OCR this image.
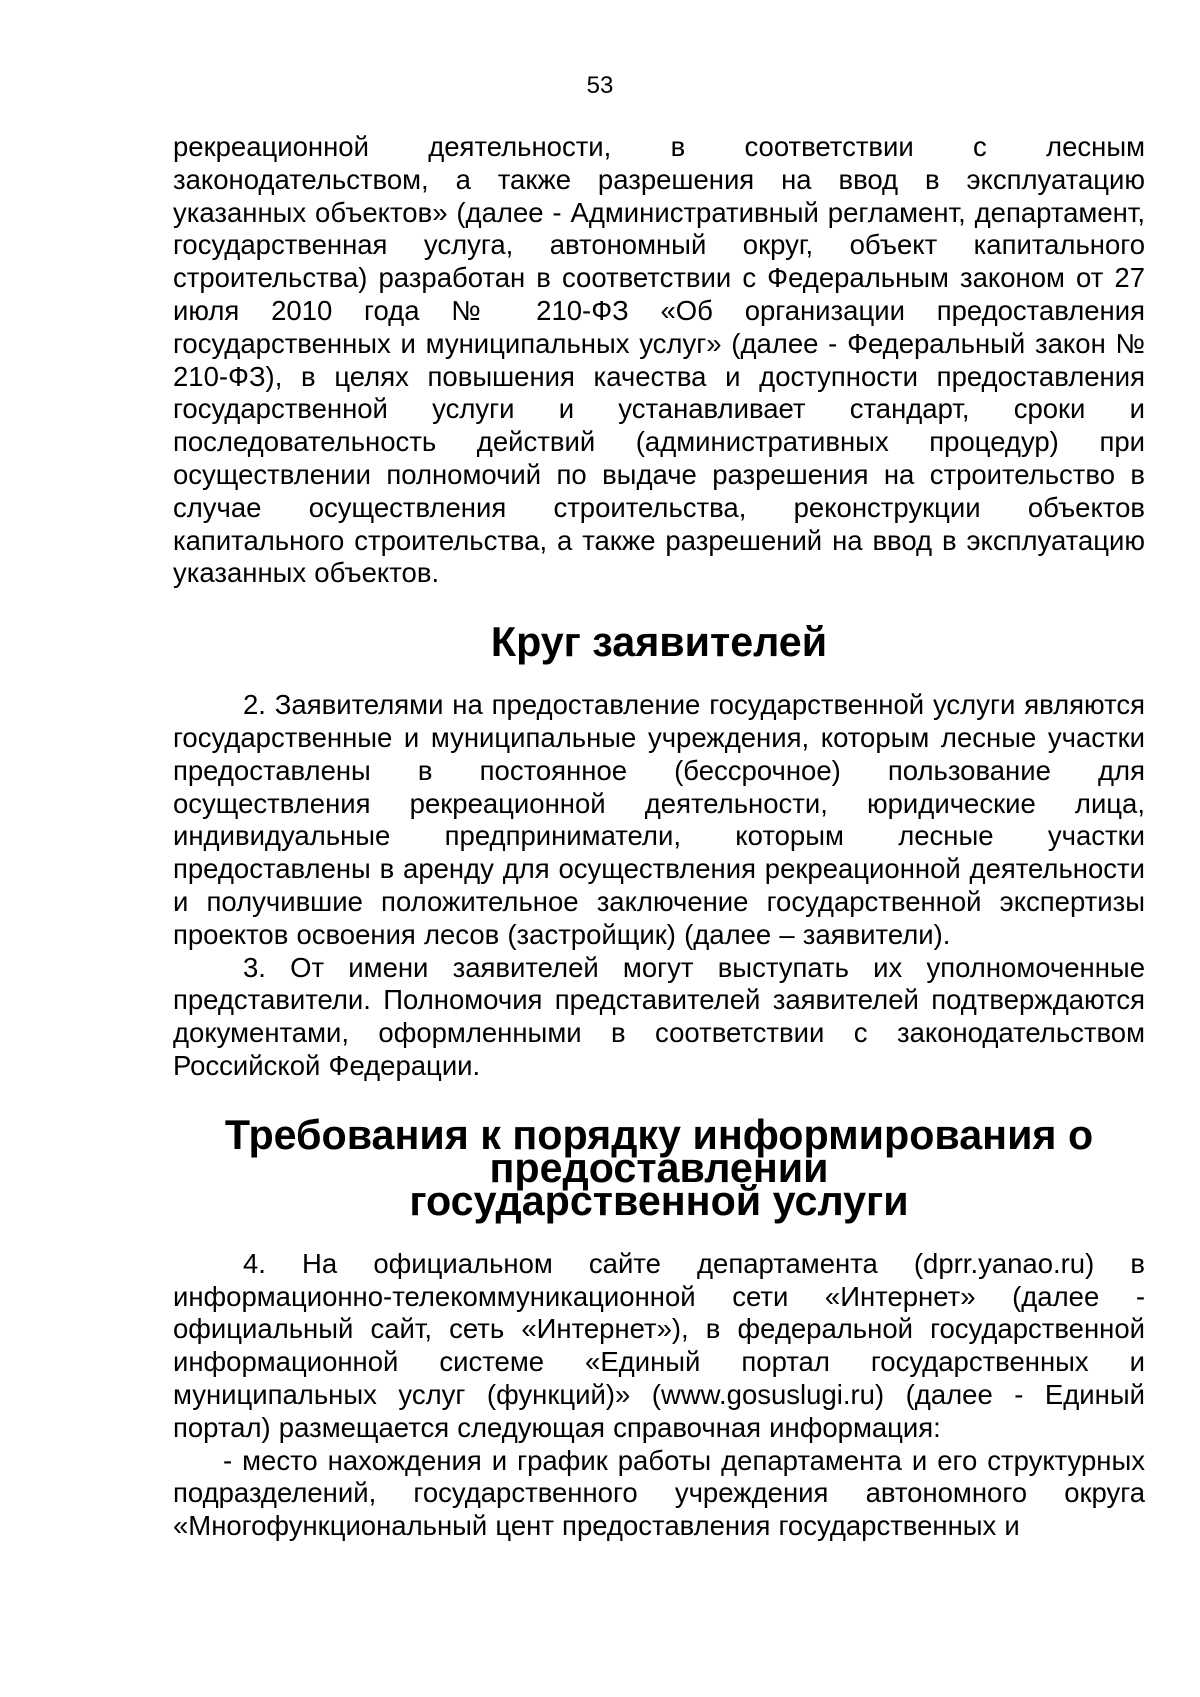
53

рекреационной деятельности, в соответствии с лесным законодательством, а также разрешения на ввод в эксплуатацию указанных объектов» (далее - Административный регламент, департамент, государственная услуга, автономный округ, объект капитального строительства) разработан в соответствии с Федеральным законом от 27 июля 2010 года № 210-ФЗ «Об организации предоставления государственных и муниципальных услуг» (далее - Федеральный закон № 210-ФЗ), в целях повышения качества и доступности предоставления государственной услуги и устанавливает стандарт, сроки и последовательность действий (административных процедур) при осуществлении полномочий по выдаче разрешения на строительство в случае осуществления строительства, реконструкции объектов капитального строительства, а также разрешений на ввод в эксплуатацию указанных объектов.

Круг заявителей

2. Заявителями на предоставление государственной услуги являются государственные и муниципальные учреждения, которым лесные участки предоставлены в постоянное (бессрочное) пользование для осуществления рекреационной деятельности, юридические лица, индивидуальные предприниматели, которым лесные участки предоставлены в аренду для осуществления рекреационной деятельности и получившие положительное заключение государственной экспертизы проектов освоения лесов (застройщик) (далее – заявители).

3. От имени заявителей могут выступать их уполномоченные представители. Полномочия представителей заявителей подтверждаются документами, оформленными в соответствии с законодательством Российской Федерации.

Требования к порядку информирования о предоставлении
государственной услуги

4. На официальном сайте департамента (dprr.yanao.ru) в информационно-телекоммуникационной сети «Интернет» (далее - официальный сайт, сеть «Интернет»), в федеральной государственной информационной системе «Единый портал государственных и муниципальных услуг (функций)» (www.gosuslugi.ru) (далее - Единый портал) размещается следующая справочная информация:

- место нахождения и график работы департамента и его структурных подразделений, государственного учреждения автономного округа «Многофункциональный цент предоставления государственных и
